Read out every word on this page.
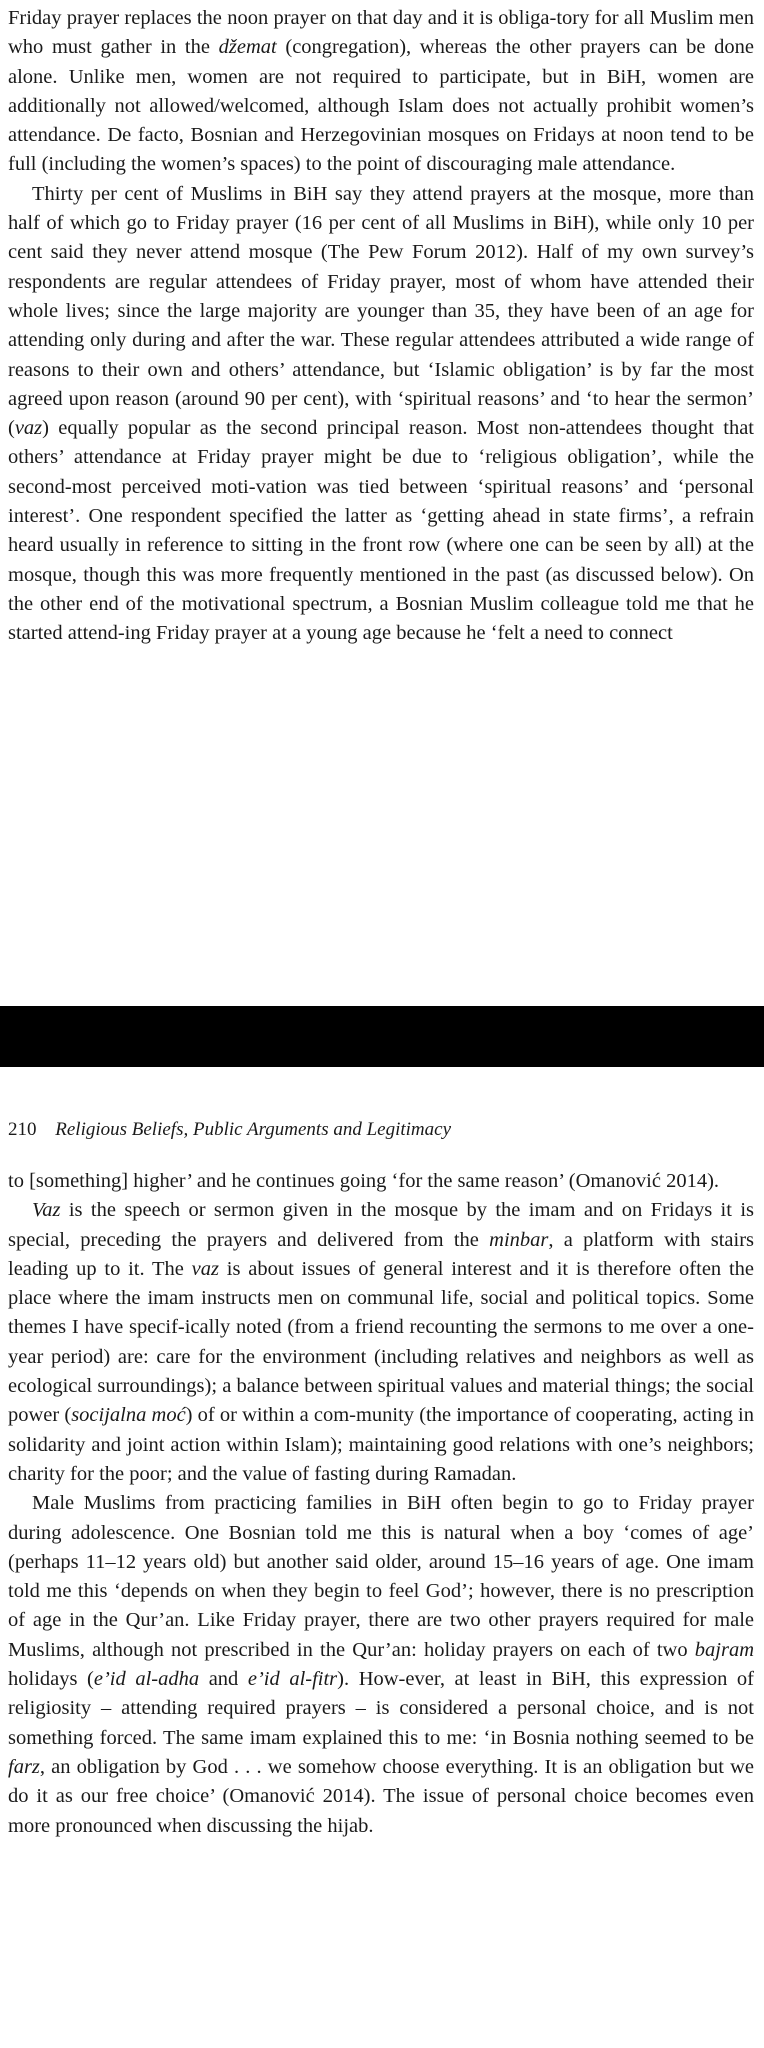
Friday prayer replaces the noon prayer on that day and it is obliga-tory for all Muslim men who must gather in the džemat (congregation), whereas the other prayers can be done alone. Unlike men, women are not required to participate, but in BiH, women are additionally not allowed/welcomed, although Islam does not actually prohibit women’s attendance. De facto, Bosnian and Herzegovinian mosques on Fridays at noon tend to be full (including the women’s spaces) to the point of discouraging male attendance.

Thirty per cent of Muslims in BiH say they attend prayers at the mosque, more than half of which go to Friday prayer (16 per cent of all Muslims in BiH), while only 10 per cent said they never attend mosque (The Pew Forum 2012). Half of my own survey’s respondents are regular attendees of Friday prayer, most of whom have attended their whole lives; since the large majority are younger than 35, they have been of an age for attending only during and after the war. These regular attendees attributed a wide range of reasons to their own and others’ attendance, but ‘Islamic obligation’ is by far the most agreed upon reason (around 90 per cent), with ‘spiritual reasons’ and ‘to hear the sermon’ (vaz) equally popular as the second principal reason. Most non-attendees thought that others’ attendance at Friday prayer might be due to ‘religious obligation’, while the second-most perceived moti-vation was tied between ‘spiritual reasons’ and ‘personal interest’. One respondent specified the latter as ‘getting ahead in state firms’, a refrain heard usually in reference to sitting in the front row (where one can be seen by all) at the mosque, though this was more frequently mentioned in the past (as discussed below). On the other end of the motivational spectrum, a Bosnian Muslim colleague told me that he started attend-ing Friday prayer at a young age because he ‘felt a need to connect

210 Religious Beliefs, Public Arguments and Legitimacy

to [something] higher’ and he continues going ‘for the same reason’ (Omanović 2014).

Vaz is the speech or sermon given in the mosque by the imam and on Fridays it is special, preceding the prayers and delivered from the minbar, a platform with stairs leading up to it. The vaz is about issues of general interest and it is therefore often the place where the imam instructs men on communal life, social and political topics. Some themes I have specif-ically noted (from a friend recounting the sermons to me over a one-year period) are: care for the environment (including relatives and neighbors as well as ecological surroundings); a balance between spiritual values and material things; the social power (socijalna moć) of or within a com-munity (the importance of cooperating, acting in solidarity and joint action within Islam); maintaining good relations with one’s neighbors; charity for the poor; and the value of fasting during Ramadan.

Male Muslims from practicing families in BiH often begin to go to Friday prayer during adolescence. One Bosnian told me this is natural when a boy ‘comes of age’ (perhaps 11–12 years old) but another said older, around 15–16 years of age. One imam told me this ‘depends on when they begin to feel God’; however, there is no prescription of age in the Qur’an. Like Friday prayer, there are two other prayers required for male Muslims, although not prescribed in the Qur’an: holiday prayers on each of two bajram holidays (e’id al-adha and e’id al-fitr). How-ever, at least in BiH, this expression of religiosity – attending required prayers – is considered a personal choice, and is not something forced. The same imam explained this to me: ‘in Bosnia nothing seemed to be farz, an obligation by God . . . we somehow choose everything. It is an obligation but we do it as our free choice’ (Omanović 2014). The issue of personal choice becomes even more pronounced when discussing the hijab.
